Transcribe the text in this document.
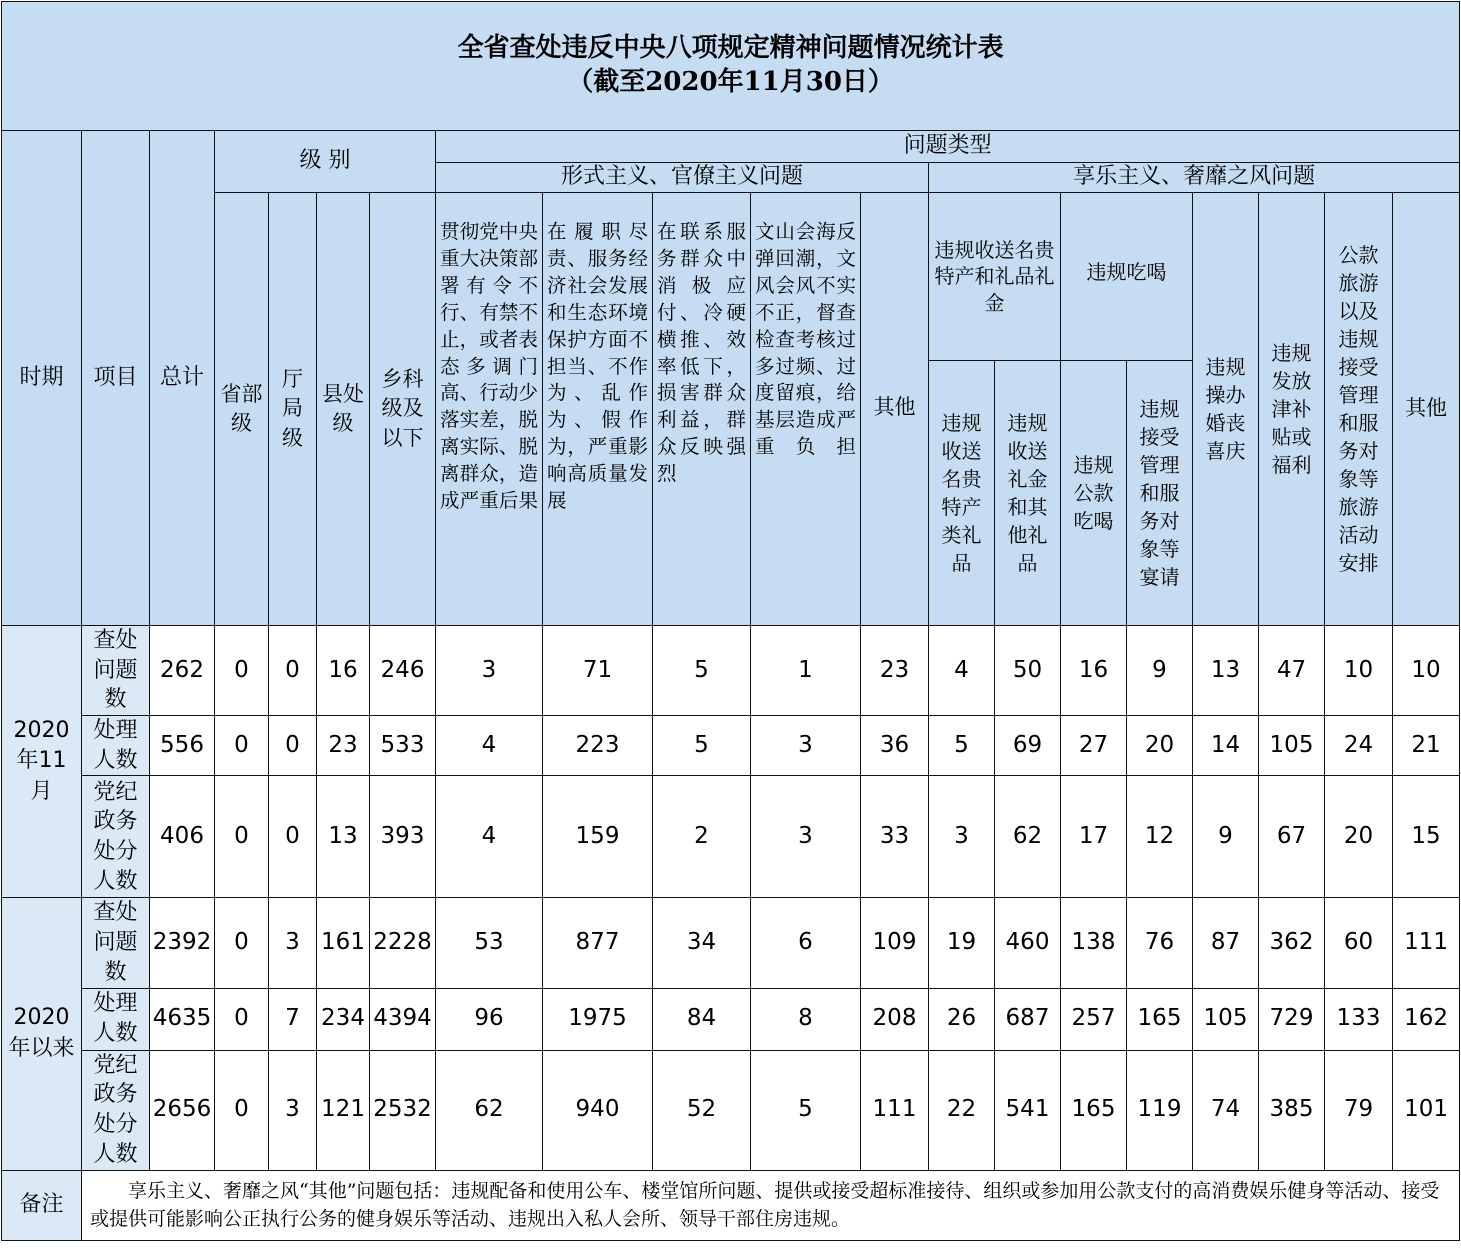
全省查处违反中央八项规定精神问题情况统计表
（截至2020年11月30日）																			

时期	项目	总计	级 别				问题类型												
							形式主义、官僚主义问题					享乐主义、奢靡之风问题							
			省部级	厅局级	县处级	乡科级及以下	贯彻党中央重大决策部署有令不行、有禁不止，或者表态多调门高、行动少落实差，脱离实际、脱离群众，造成严重后果	在履职尽责、服务经济社会发展和生态环境保护方面不担当、不作为、乱作为、假作为，严重影响高质量发展	在联系服务群众中消极应付、冷硬横推、效率低下，损害群众利益，群众反映强烈	文山会海反弹回潮，文风会风不实不正，督查检查考核过多过频、过度留痕，给基层造成严重负担	其他	违规收送名贵特产和礼品礼金		违规吃喝		违规操办婚丧喜庆	违规发放津补贴或福利	公款旅游以及违规接受管理和服务对象等旅游活动安排	其他
												违规收送名贵特产类礼品	违规收送礼金和其他礼品	违规公款吃喝	违规接受管理和服务对象等宴请				

2020年11月	查处问题数	262	0	0	16	246	3	71	5	1	23	4	50	16	9	13	47	10	10
	处理人数	556	0	0	23	533	4	223	5	3	36	5	69	27	20	14	105	24	21
	党纪政务处分人数	406	0	0	13	393	4	159	2	3	33	3	62	17	12	9	67	20	15
2020年以来	查处问题数	2392	0	3	161	2228	53	877	34	6	109	19	460	138	76	87	362	60	111
	处理人数	4635	0	7	234	4394	96	1975	84	8	208	26	687	257	165	105	729	133	162
	党纪政务处分人数	2656	0	3	121	2532	62	940	52	5	111	22	541	165	119	74	385	79	101
备注	享乐主义、奢靡之风“其他”问题包括：违规配备和使用公车、楼堂馆所问题、提供或接受超标准接待、组织或参加用公款支付的高消费娱乐健身等活动、接受或提供可能影响公正执行公务的健身娱乐等活动、违规出入私人会所、领导干部住房违规。																		
